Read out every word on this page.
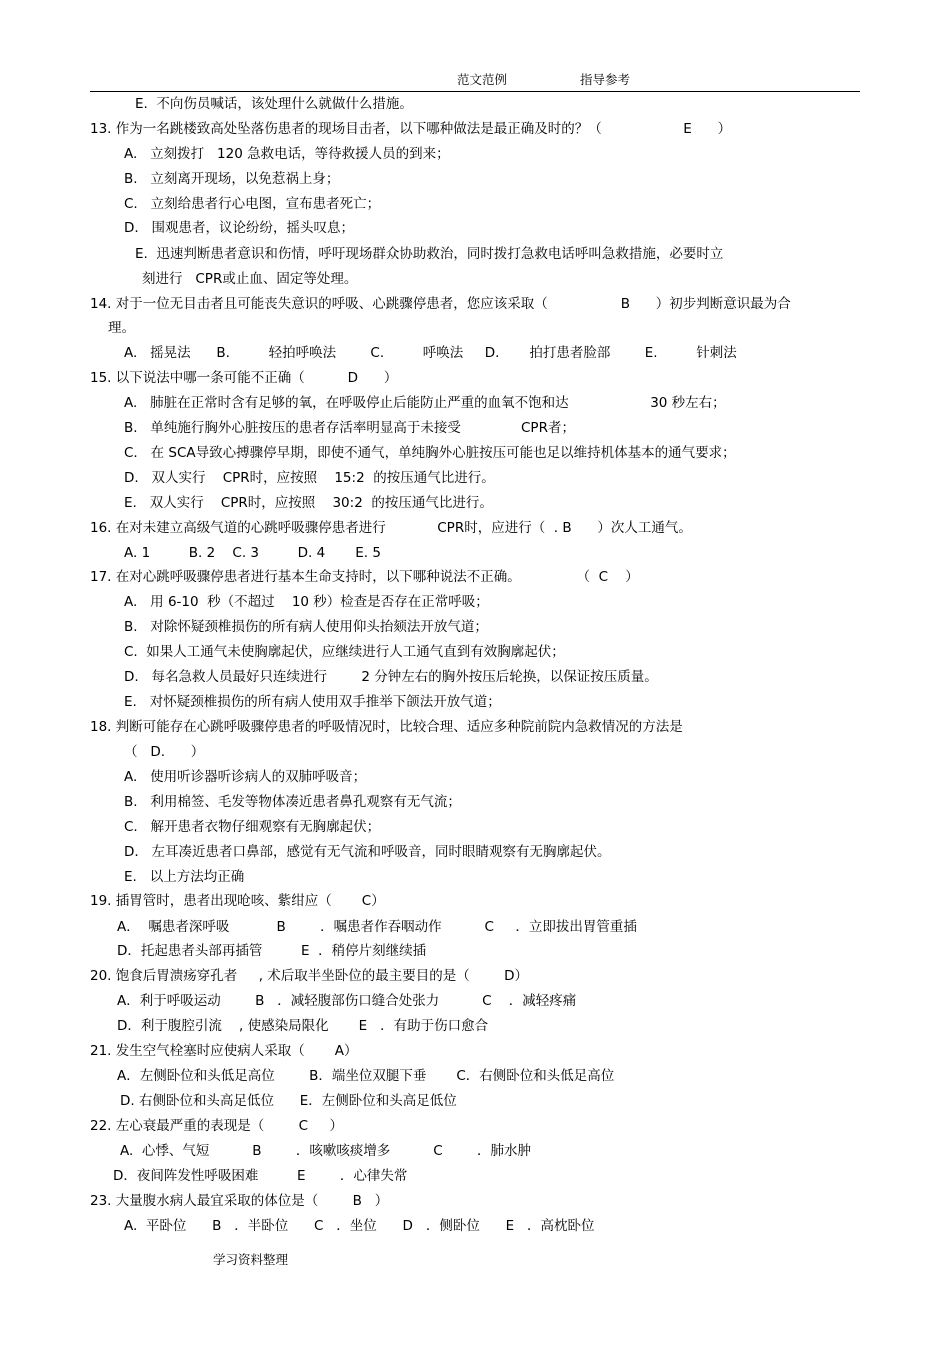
范文范例	指导参考
E.  不向伤员喊话，该处理什么就做什么措施。
13. 作为一名跳楼致高处坠落伤患者的现场目击者，以下哪种做法是最正确及时的？（                   E      ）
A.   立刻拨打   120 急救电话，等待救援人员的到来；
B.   立刻离开现场，以免惹祸上身；
C.   立刻给患者行心电图，宣布患者死亡；
D.   围观患者，议论纷纷，摇头叹息；
E.  迅速判断患者意识和伤情，呼吁现场群众协助救治，同时拨打急救电话呼叫急救措施，必要时立
刻进行   CPR或止血、固定等处理。
14. 对于一位无目击者且可能丧失意识的呼吸、心跳骤停患者，您应该采取（                 B      ）初步判断意识最为合
理。
A.   摇晃法      B.         轻拍呼唤法        C.         呼唤法     D.       拍打患者脸部        E.         针刺法
15. 以下说法中哪一条可能不正确（          D      ）
A.   肺脏在正常时含有足够的氧，在呼吸停止后能防止严重的血氧不饱和达                   30 秒左右；
B.   单纯施行胸外心脏按压的患者存活率明显高于未接受              CPR者；
C.   在 SCA导致心搏骤停早期，即使不通气，单纯胸外心脏按压可能也足以维持机体基本的通气要求；
D.   双人实行    CPR时，应按照    15:2  的按压通气比进行。
E.   双人实行    CPR时，应按照    30:2  的按压通气比进行。
16. 在对未建立高级气道的心跳呼吸骤停患者进行            CPR时，应进行（  . B      ）次人工通气。
A. 1         B. 2    C. 3         D. 4       E. 5
17. 在对心跳呼吸骤停患者进行基本生命支持时，以下哪种说法不正确。             （  C    ）
A.   用 6-10  秒（不超过    10 秒）检查是否存在正常呼吸；
B.   对除怀疑颈椎损伤的所有病人使用仰头抬颏法开放气道；
C.  如果人工通气未使胸廓起伏，应继续进行人工通气直到有效胸廓起伏；
D.   每名急救人员最好只连续进行        2 分钟左右的胸外按压后轮换，以保证按压质量。
E.   对怀疑颈椎损伤的所有病人使用双手推举下颌法开放气道；
18. 判断可能存在心跳呼吸骤停患者的呼吸情况时，比较合理、适应多种院前院内急救情况的方法是
（   D.      ）
A.   使用听诊器听诊病人的双肺呼吸音；
B.   利用棉签、毛发等物体凑近患者鼻孔观察有无气流；
C.   解开患者衣物仔细观察有无胸廓起伏；
D.   左耳凑近患者口鼻部，感觉有无气流和呼吸音，同时眼睛观察有无胸廓起伏。
E.   以上方法均正确
19. 插胃管时，患者出现呛咳、紫绀应（       C）
A．  嘱患者深呼吸           B        ．嘱患者作吞咽动作          C     ．立即拔出胃管重插
D．托起患者头部再插管         E  ．稍停片刻继续插
20. 饱食后胃溃疡穿孔者     , 术后取半坐卧位的最主要目的是（        D）
A．利于呼吸运动        B   ．减轻腹部伤口缝合处张力          C    ．减轻疼痛
D．利于腹腔引流    , 使感染局限化       E   ．有助于伤口愈合
21. 发生空气栓塞时应使病人采取（       A）
A．左侧卧位和头低足高位        B．端坐位双腿下垂       C．右侧卧位和头低足高位
D. 右侧卧位和头高足低位      E．左侧卧位和头高足低位
22. 左心衰最严重的表现是（        C     ）
A.  心悸、气短          B        ．咳嗽咳痰增多          C        ．肺水肿
D．夜间阵发性呼吸困难         E        ．心律失常
23. 大量腹水病人最宜采取的体位是（        B   ）
A.  平卧位      B   ．半卧位      C   ．坐位      D   ．侧卧位      E   ．高枕卧位
学习资料整理
